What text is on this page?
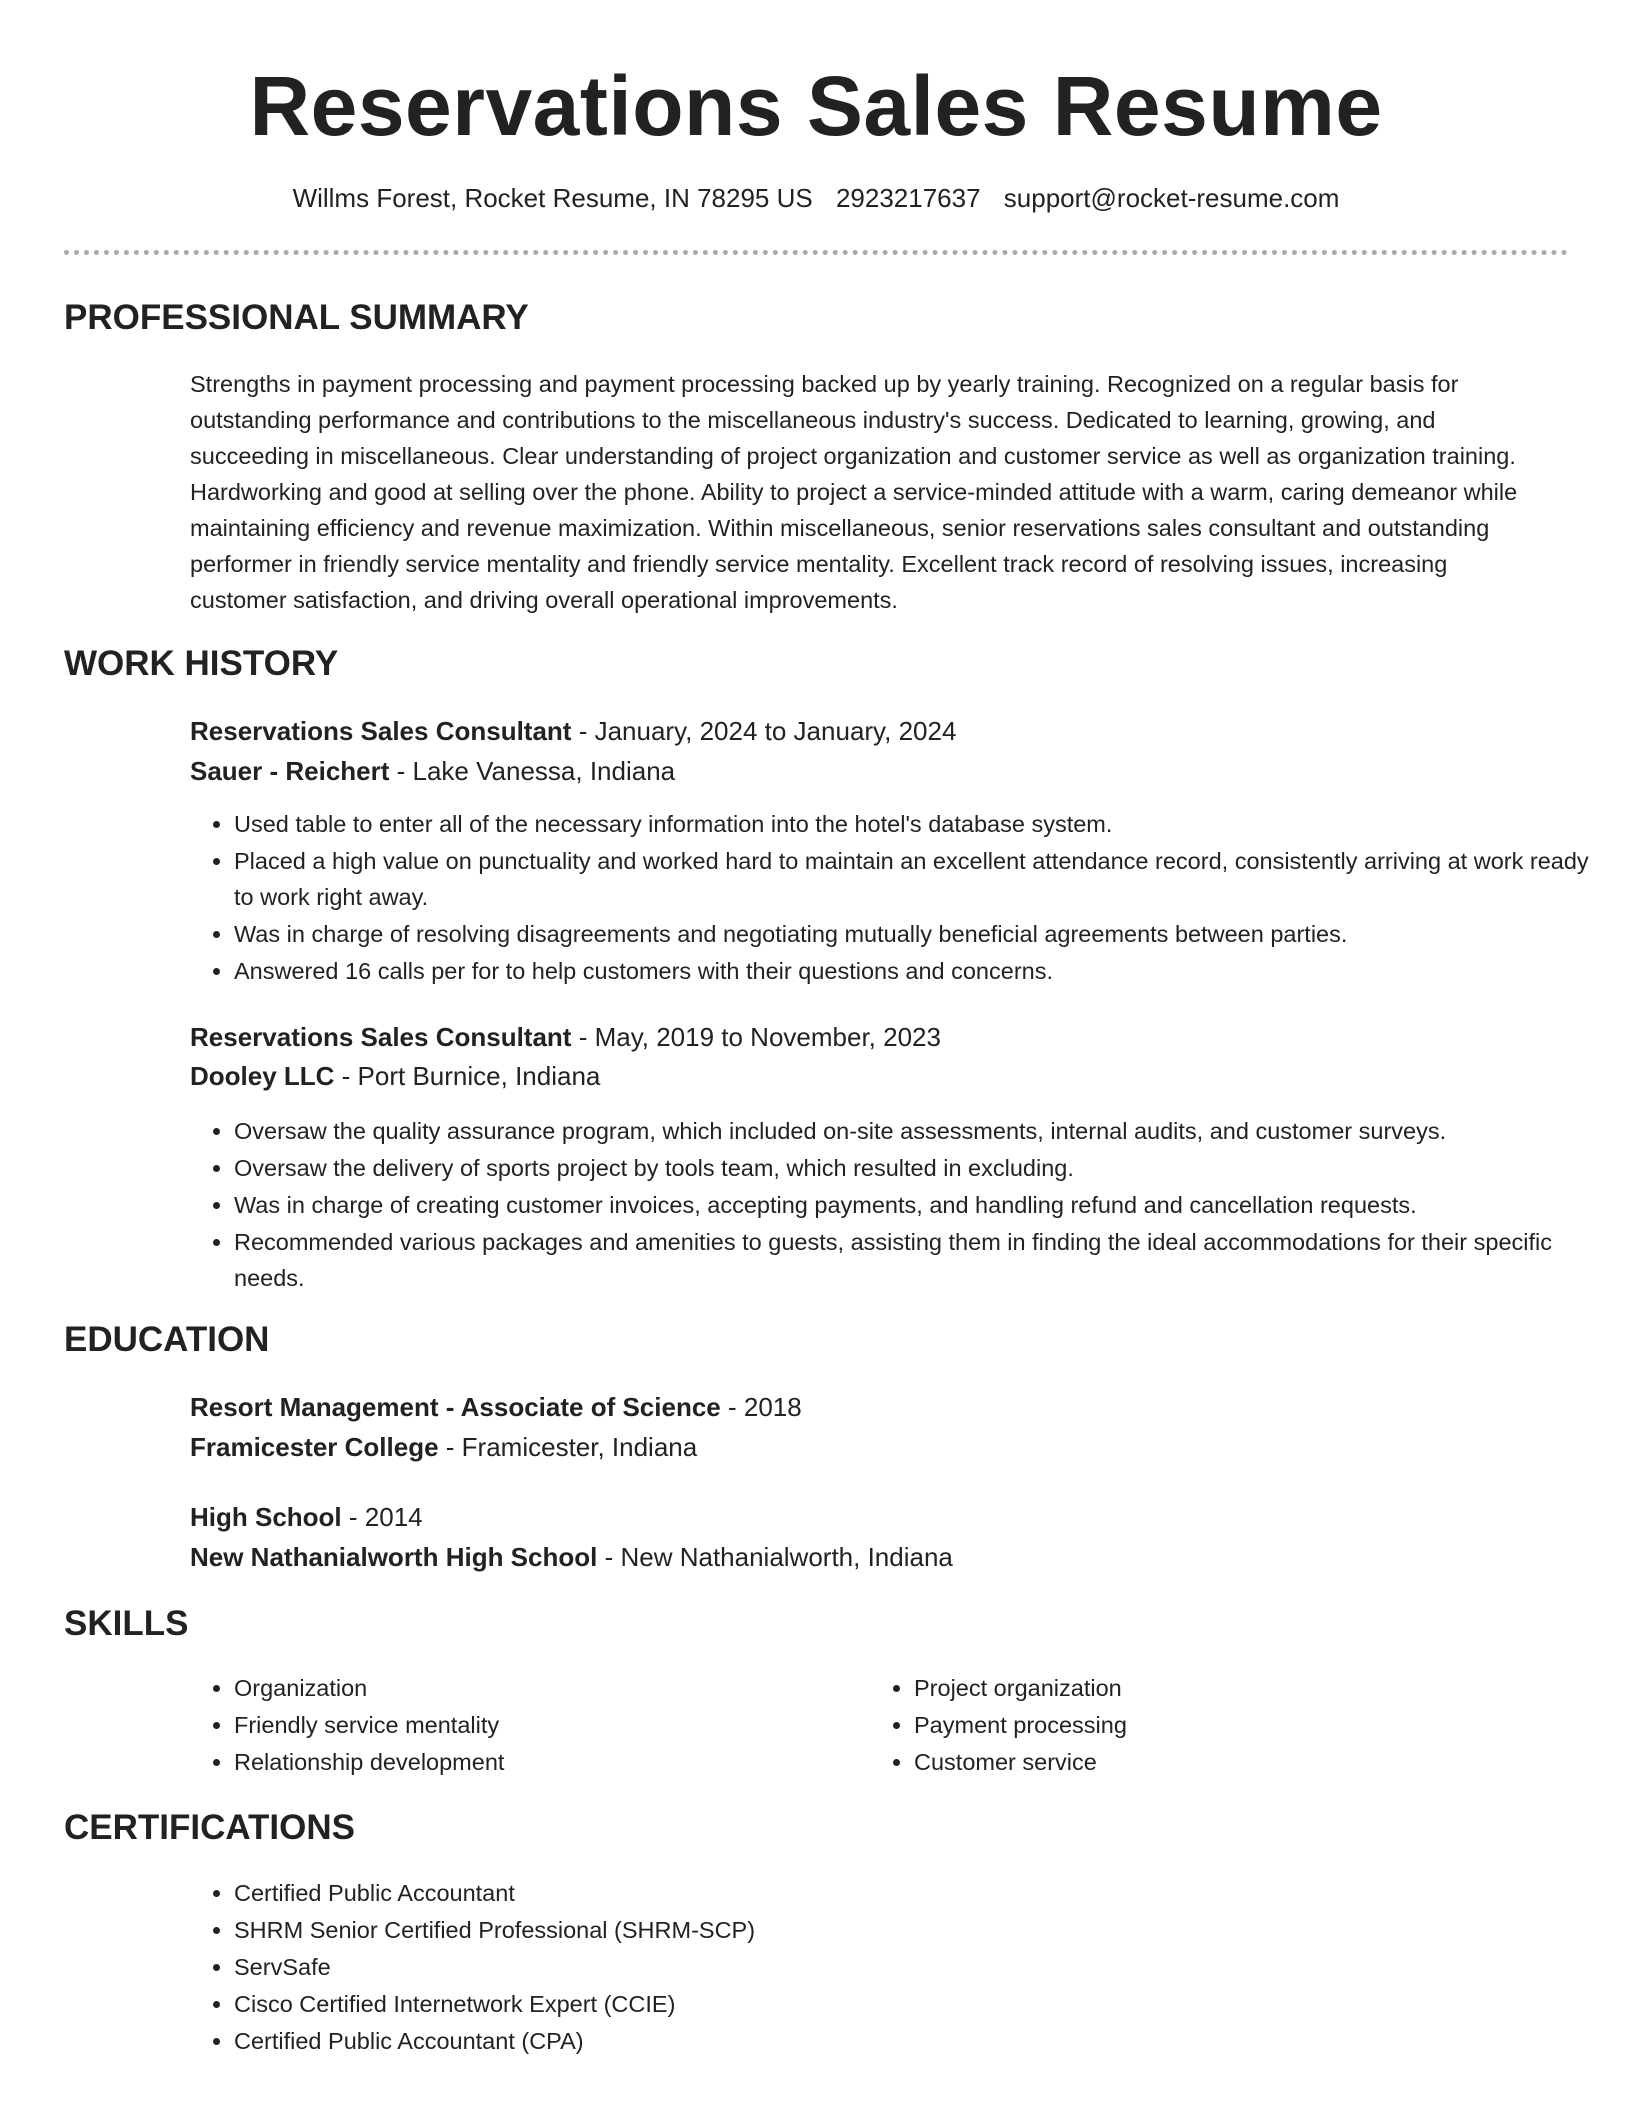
Reservations Sales Resume
Willms Forest, Rocket Resume, IN 78295 US 2923217637 support@rocket-resume.com
PROFESSIONAL SUMMARY
Strengths in payment processing and payment processing backed up by yearly training. Recognized on a regular basis for outstanding performance and contributions to the miscellaneous industry's success. Dedicated to learning, growing, and succeeding in miscellaneous. Clear understanding of project organization and customer service as well as organization training. Hardworking and good at selling over the phone. Ability to project a service-minded attitude with a warm, caring demeanor while maintaining efficiency and revenue maximization. Within miscellaneous, senior reservations sales consultant and outstanding performer in friendly service mentality and friendly service mentality. Excellent track record of resolving issues, increasing customer satisfaction, and driving overall operational improvements.
WORK HISTORY
Reservations Sales Consultant - January, 2024 to January, 2024
Sauer - Reichert - Lake Vanessa, Indiana
• Used table to enter all of the necessary information into the hotel's database system.
• Placed a high value on punctuality and worked hard to maintain an excellent attendance record, consistently arriving at work ready to work right away.
• Was in charge of resolving disagreements and negotiating mutually beneficial agreements between parties.
• Answered 16 calls per for to help customers with their questions and concerns.
Reservations Sales Consultant - May, 2019 to November, 2023
Dooley LLC - Port Burnice, Indiana
• Oversaw the quality assurance program, which included on-site assessments, internal audits, and customer surveys.
• Oversaw the delivery of sports project by tools team, which resulted in excluding.
• Was in charge of creating customer invoices, accepting payments, and handling refund and cancellation requests.
• Recommended various packages and amenities to guests, assisting them in finding the ideal accommodations for their specific needs.
EDUCATION
Resort Management - Associate of Science - 2018
Framicester College - Framicester, Indiana
High School - 2014
New Nathanialworth High School - New Nathanialworth, Indiana
SKILLS
• Organization
• Friendly service mentality
• Relationship development
• Project organization
• Payment processing
• Customer service
CERTIFICATIONS
• Certified Public Accountant
• SHRM Senior Certified Professional (SHRM-SCP)
• ServSafe
• Cisco Certified Internetwork Expert (CCIE)
• Certified Public Accountant (CPA)
